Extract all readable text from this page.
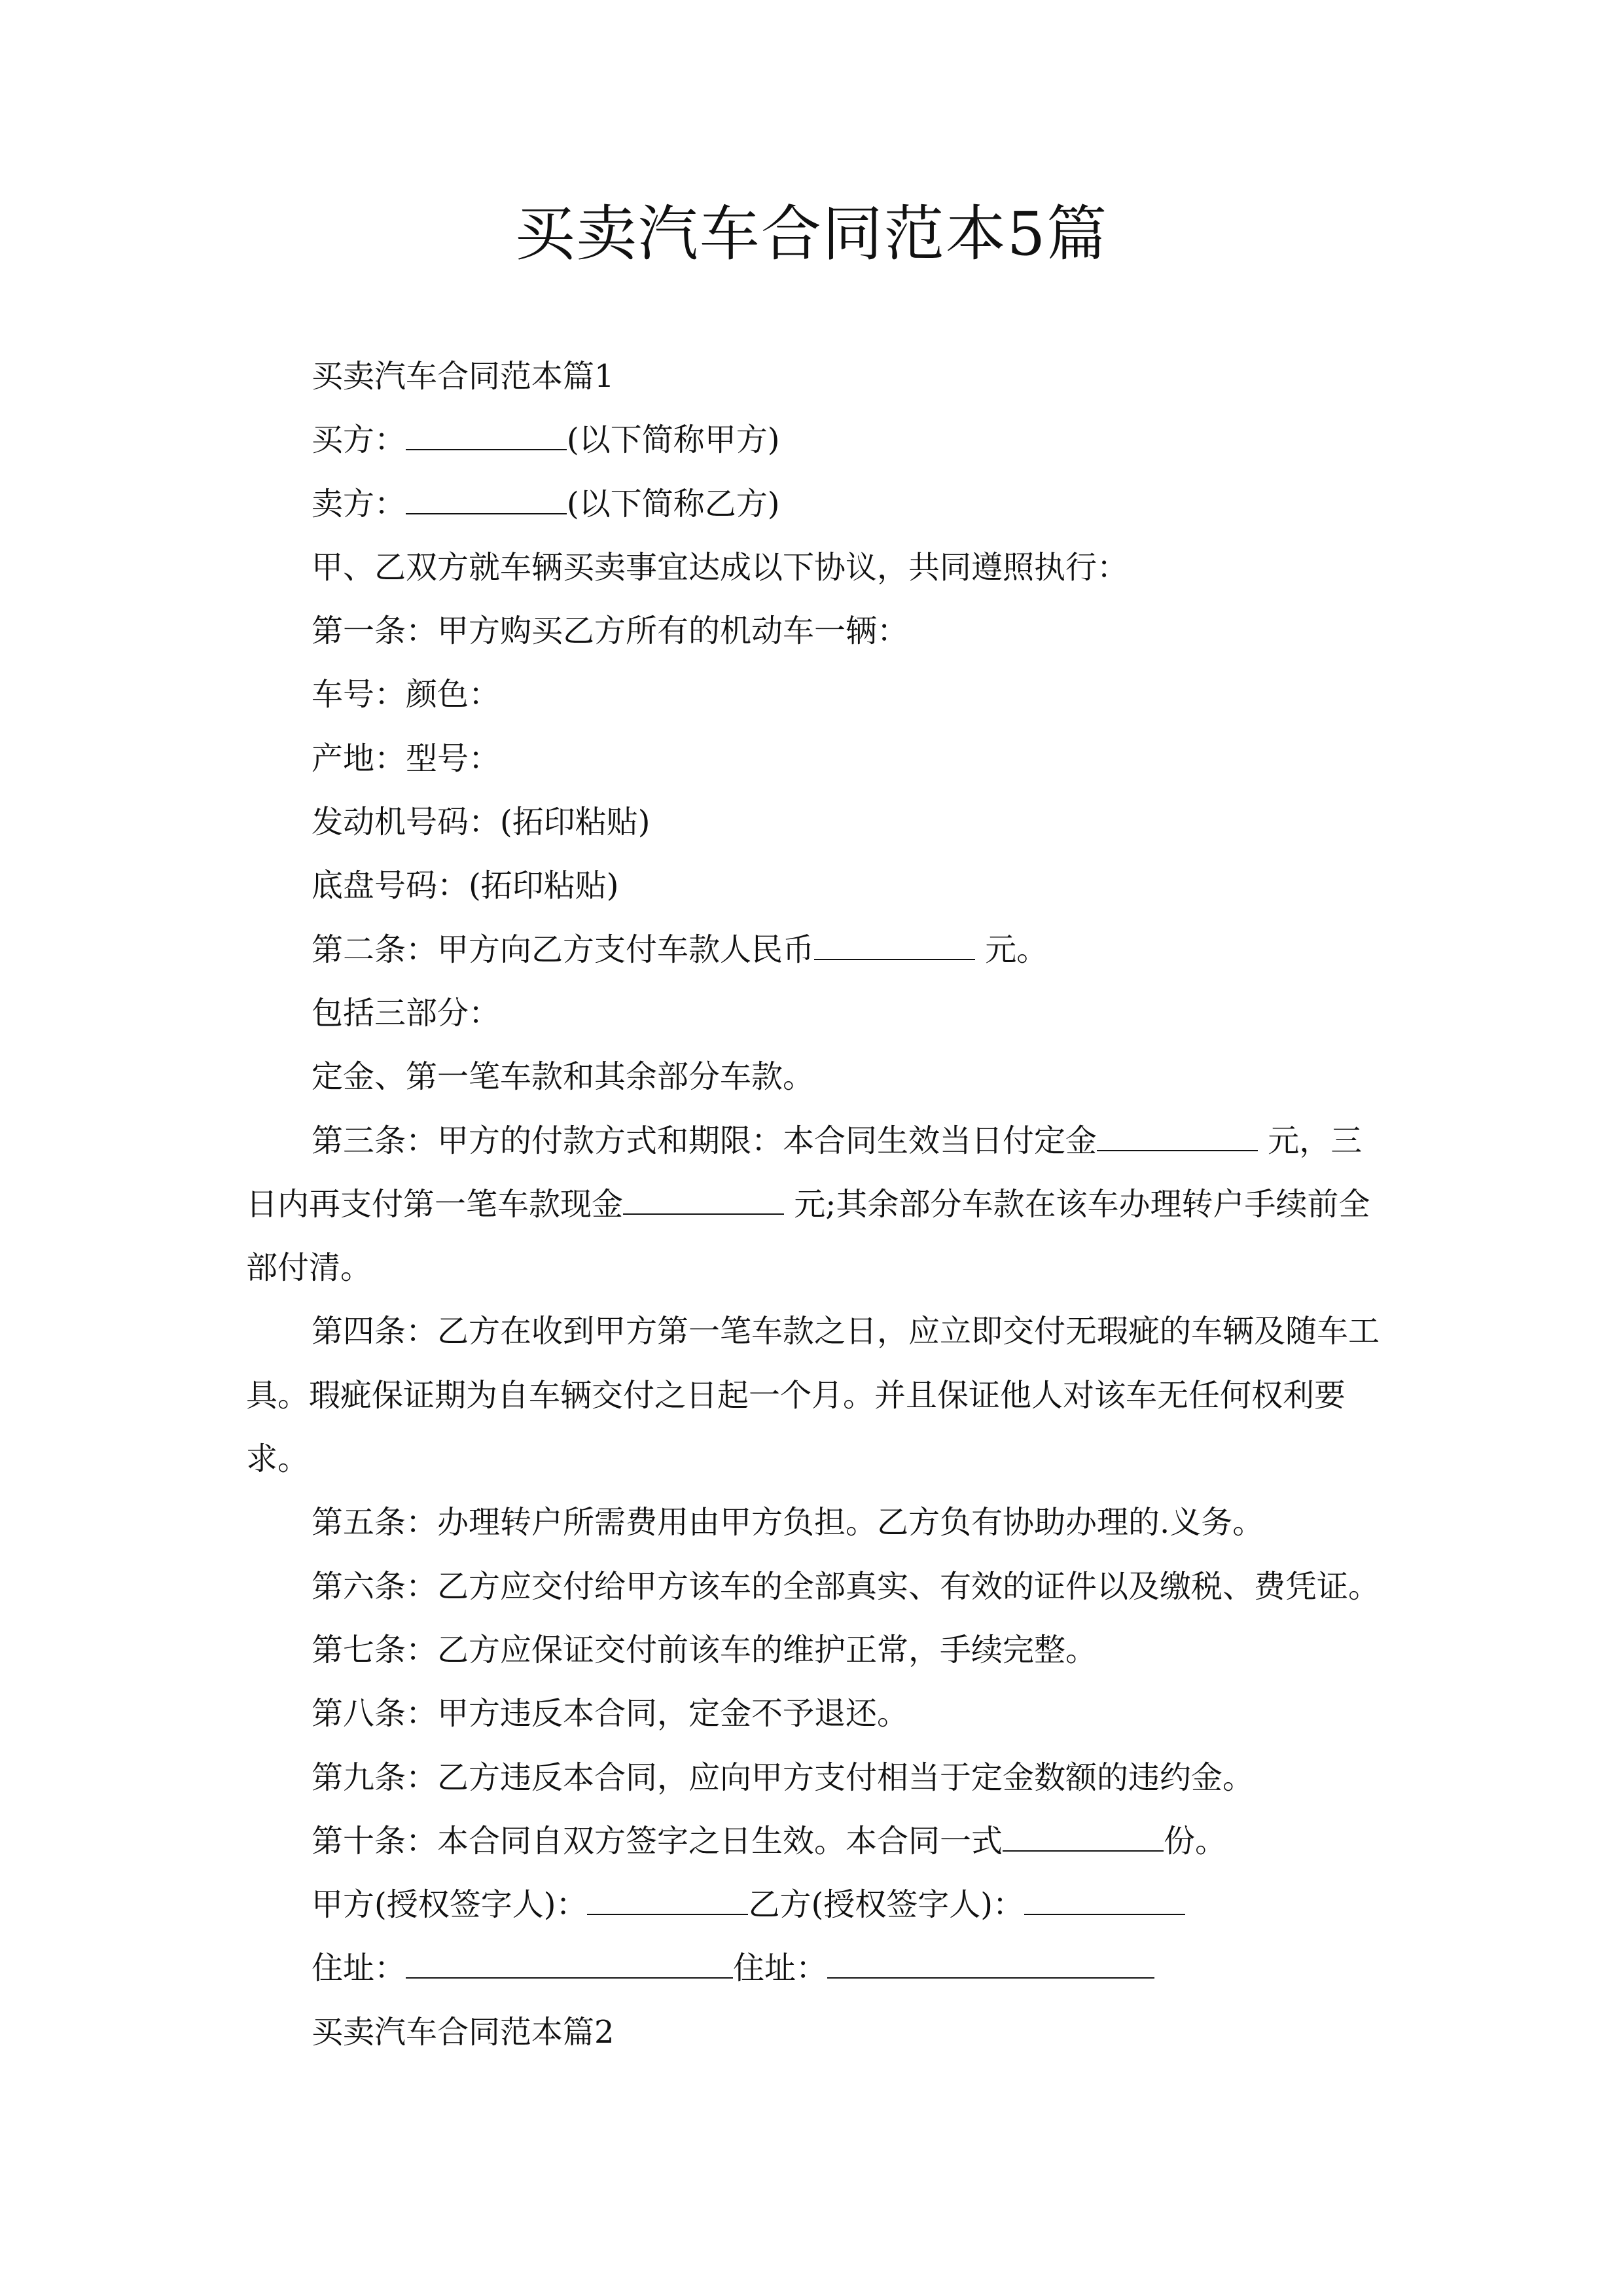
买卖汽车合同范本5篇

买卖汽车合同范本篇1

买方：	(以下简称甲方)

卖方：	(以下简称乙方)

甲、乙双方就车辆买卖事宜达成以下协议，共同遵照执行：

第一条：甲方购买乙方所有的机动车一辆：

车号：颜色：

产地：型号：

发动机号码：(拓印粘贴)

底盘号码：(拓印粘贴)

第二条：甲方向乙方支付车款人民币	元。

包括三部分：

定金、第一笔车款和其余部分车款。

第三条：甲方的付款方式和期限：本合同生效当日付定金	元，三日内再支付第一笔车款现金	元;其余部分车款在该车办理转户手续前全部付清。

第四条：乙方在收到甲方第一笔车款之日，应立即交付无瑕疵的车辆及随车工具。瑕疵保证期为自车辆交付之日起一个月。并且保证他人对该车无任何权利要求。

第五条：办理转户所需费用由甲方负担。乙方负有协助办理的.义务。

第六条：乙方应交付给甲方该车的全部真实、有效的证件以及缴税、费凭证。

第七条：乙方应保证交付前该车的维护正常，手续完整。

第八条：甲方违反本合同，定金不予退还。

第九条：乙方违反本合同，应向甲方支付相当于定金数额的违约金。

第十条：本合同自双方签字之日生效。本合同一式	份。

甲方(授权签字人)：	乙方(授权签字人)：

住址：	住址：

买卖汽车合同范本篇2
